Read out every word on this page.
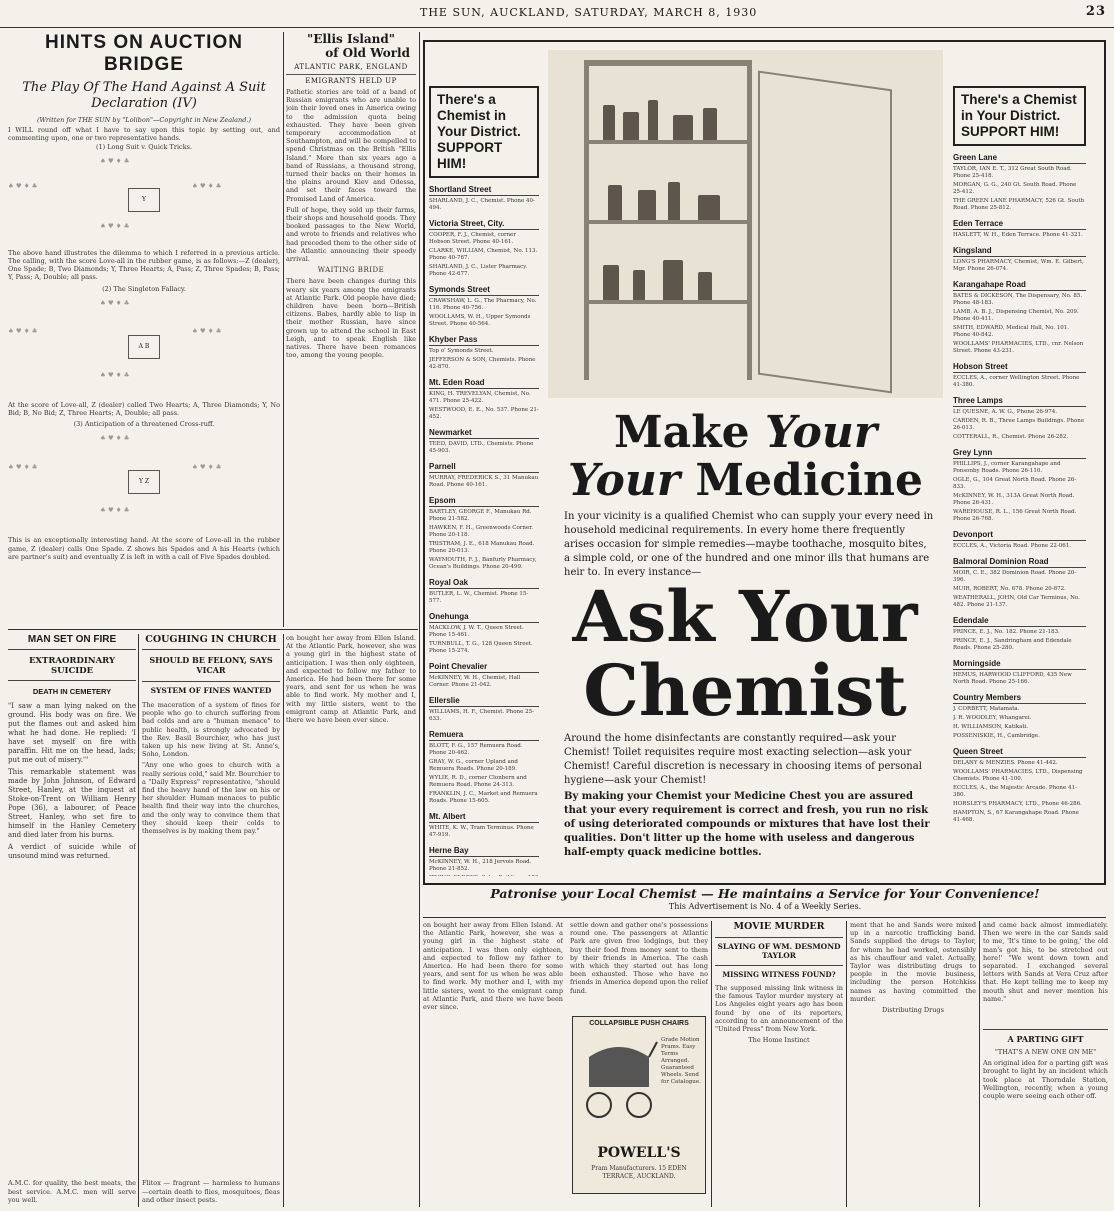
THE SUN, AUCKLAND, SATURDAY, MARCH 8, 1930	23
HINTS ON AUCTION BRIDGE
The Play Of The Hand Against A Suit Declaration (IV)
(Written for THE SUN by "Lolibon"—Copyright in New Zealand.)
I WILL round off what I have to say upon this topic by setting out, and commenting upon, one or two representative hands.
(1) Long Suit v. Quick Tricks.
♠ ♥ ♦ ♣
♠ ♥ ♦ ♣
Y
♠ ♥ ♦ ♣
♠ ♥ ♦ ♣
The above hand illustrates the dilemma to which I referred in a previous article. The calling, with the score Love-all in the rubber game, is as follows:—Z (dealer), One Spade; B, Two Diamonds; Y, Three Hearts; A, Pass; Z, Three Spades; B, Pass; Y, Pass; A, Double; all pass.
(2) The Singleton Fallacy.
♠ ♥ ♦ ♣
♠ ♥ ♦ ♣
A B
♠ ♥ ♦ ♣
♠ ♥ ♦ ♣
At the score of Love-all, Z (dealer) called Two Hearts; A, Three Diamonds; Y, No Bid; B, No Bid; Z, Three Hearts; A, Double; all pass.
(3) Anticipation of a threatened Cross-ruff.
♠ ♥ ♦ ♣
♠ ♥ ♦ ♣
Y Z
♠ ♥ ♦ ♣
♠ ♥ ♦ ♣
This is an exceptionally interesting hand. At the score of Love-all in the rubber game, Z (dealer) calls One Spade. Z shows his Spades and A his Hearts (which are partner's suit) and eventually Z is left in with a call of Five Spades doubled.
"Ellis Island"
of Old World
ATLANTIC PARK, ENGLAND
EMIGRANTS HELD UP

Pathetic stories are told of a band of Russian emigrants who are unable to join their loved ones in America owing to the admission quota being exhausted. They have been given temporary accommodation at Southampton, and will be compelled to spend Christmas on the British "Ellis Island." More than six years ago a band of Russians, a thousand strong, turned their backs on their homes in the plains around Kiev and Odessa, and set their faces toward the Promised Land of America.

Full of hope, they sold up their farms, their shops and household goods. They booked passages to the New World, and wrote to friends and relatives who had preceded them to the other side of the Atlantic announcing their speedy arrival.

WAITING BRIDE

There have been changes during this weary six years among the emigrants at Atlantic Park. Old people have died; children have been born—British citizens. Babes, hardly able to lisp in their mother Russian, have since grown up to attend the school in East Leigh, and to speak English like natives. There have been romances too, among the young people.

MAN SET ON FIRE
EXTRAORDINARY SUICIDE
DEATH IN CEMETERY

"I saw a man lying naked on the ground. His body was on fire. We put the flames out and asked him what he had done. He replied: 'I have set myself on fire with paraffin. Hit me on the head, lads; put me out of misery.'"

This remarkable statement was made by John Johnson, of Edward Street, Hanley, at the inquest at Stoke-on-Trent on William Henry Pope (36), a labourer, of Peace Street, Hanley, who set fire to himself in the Hanley Cemetery and died later from his burns.

A verdict of suicide while of unsound mind was returned.

A.M.C. for quality, the best meats, the best service. A.M.C. men will serve you well.
COUGHING IN CHURCH
SHOULD BE FELONY, SAYS VICAR
SYSTEM OF FINES WANTED

The maceration of a system of fines for people who go to church suffering from bad colds and are a "human menace" to public health, is strongly advocated by the Rev. Basil Bourchier, who has just taken up his new living at St. Anne's, Soho, London.

"Any one who goes to church with a really serious cold," said Mr. Bourchier to a "Daily Express" representative, "should find the heavy hand of the law on his or her shoulder. Human menaces to public health find their way into the churches, and the only way to convince them that they should keep their colds to themselves is by making them pay."

Flitox — fragrant — harmless to humans—certain death to flies, mosquitoes, fleas and other insect pests.
on bought her away from Ellen Island. At the Atlantic Park, however, she was a young girl in the highest state of anticipation. I was then only eighteen, and expected to follow my father to America. He had been there for some years, and sent for us when he was able to find work. My mother and I, with my little sisters, went to the emigrant camp at Atlantic Park, and there we have been ever since.
There's a Chemist in Your District. SUPPORT HIM!
Shortland Street
SHARLAND, J. C., Chemist. Phone 40-494.
Victoria Street, City.
COOPER, F. J., Chemist, corner Hobson Street. Phone 40-161.
CLARKE, WILLIAM, Chemist, No. 113. Phone 40-767.
SHARLAND, J. C., Lister Pharmacy. Phone 42-677.
Symonds Street
CRAWSHAW, L. G., The Pharmacy, No. 116. Phone 40-756.
WOOLLAMS, W. H., Upper Symonds Street. Phone 40-564.
Khyber Pass
Top o' Symonds Street.
JEFFERSON & SON, Chemists. Phone 42-870.
Mt. Eden Road
KING, H. TREVELYAN, Chemist, No. 471. Phone 25-422.
WESTWOOD, E. E., No. 537. Phone 21-452.
Newmarket
TEED, DAVID, LTD., Chemists. Phone 45-903.
Parnell
MURRAY, FREDERICK S., 31 Manukau Road. Phone 40-161.
Epsom
BARTLEY, GEORGE F., Manukau Rd. Phone 21-582.
HAWKEN, F. H., Greenwoods Corner. Phone 20-118.
TRISTRAM, J. E., 618 Manukau Road. Phone 20-013.
WAYMOUTH, F. J., Banfurly Pharmacy, Ocean's Buildings. Phone 20-499.
Royal Oak
BUTLER, L. W., Chemist. Phone 15-577.
Onehunga
MACKLOW, J. W. T., Queen Street. Phone 15-461.
TURNBULL, T. G., 128 Queen Street. Phone 15-274.
Point Chevalier
McKINNEY, W. H., Chemist, Hall Corner. Phone 21-042.
Ellerslie
WILLIAMS, H. F., Chemist. Phone 25-633.
Remuera
BLOTT, F. G., 157 Remuera Road. Phone 20-462.
GRAY, W. G., corner Upland and Remuera Roads. Phone 20-189.
WYLIE, R. D., corner Clonbern and Remuera Road. Phone 24-313.
FRANKLIN, J. C., Market and Remuera Roads. Phone 15-605.
Mt. Albert
WHITE, K. W., Tram Terminus. Phone 47-919.
Herne Bay
McKINNEY, W. H., 218 Jervois Road. Phone 21-852.
There's a Chemist in Your District. SUPPORT HIM!
Green Lane
TAYLOR, IAN E. T., 312 Great South Road. Phone 25-418.
MORGAN, G. G., 240 Gt. South Road. Phone 25-412.
THE GREEN LANE PHARMACY, 526 Gt. South Road. Phone 25-812.
Eden Terrace
HASLETT, W. H., Eden Terrace. Phone 41-321.
Kingsland
LONG'S PHARMACY, Chemist, Wm. E. Gilbert, Mgr. Phone 26-074.
Karangahape Road
BATES & DICKESON, The Dispensary, No. 85. Phone 48-183.
LAMB, A. B. J., Dispensing Chemist, No. 209. Phone 40-411.
SMITH, EDWARD, Medical Hall, No. 101. Phone 40-842.
WOOLLAMS' PHARMACIES, LTD., cnr. Nelson Street. Phone 43-231.
Hobson Street
ECCLES, A., corner Wellington Street. Phone 41-380.
Three Lamps
LE QUESNE, A. W. G., Phone 26-974.
CARDEN, R. B., Three Lamps Buildings. Phone 26-013.
COTTERALL, R., Chemist. Phone 26-282.
Grey Lynn
PHILLIPS, J., corner Karangahape and Ponsonby Roads. Phone 26-110.
OGLE, G., 104 Great North Road. Phone 26-833.
McKINNEY, W. H., 313A Great North Road. Phone 26-431.
WAREHOUSE, R. L., 156 Great North Road. Phone 26-768.
Devonport
ECCLES, A., Victoria Road. Phone 22-061.
Balmoral Dominion Road
MOIR, C. E., 382 Dominion Road. Phone 20-396.
MUIR, ROBERT, No. 678. Phone 20-872.
WEATHERALL, JOHN, Old Car Terminus, No. 482. Phone 21-137.
Edendale
PRINCE, E. J., No. 182. Phone 21-183.
PRINCE, E. J., Sandringham and Edendale Roads. Phone 25-280.
Morningside
HEMUS, HARWOOD CLIFFORD, 435 New North Road. Phone 25-166.
Country Members
J. CORBETT, Matamata.
J. R. WOODLEY, Whangarei.
H. WILLIAMSON, Katikati.
POSSENISKIE, H., Cambridge.
Queen Street
DELANY & MENZIES. Phone 41-442.
WOOLLAMS' PHARMACIES, LTD., Dispensing Chemists. Phone 41-100.
ECCLES, A., the Majestic Arcade. Phone 41-380.
HORSLEY'S PHARMACY, LTD., Phone 46-286.
HAMPTON, S., 67 Karangahape Road. Phone 41-468.
Make Your
Your Medicine
In your vicinity is a qualified Chemist who can supply your every need in household medicinal requirements. In every home there frequently arises occasion for simple remedies—maybe toothache, mosquito bites, a simple cold, or one of the hundred and one minor ills that humans are heir to. In every instance—
Ask Your Chemist
Around the home disinfectants are constantly required—ask your Chemist! Toilet requisites require most exacting selection—ask your Chemist! Careful discretion is necessary in choosing items of personal hygiene—ask your Chemist!
By making your Chemist your Medicine Chest you are assured that your every requirement is correct and fresh, you run no risk of using deteriorated compounds or mixtures that have lost their qualities. Don't litter up the home with useless and dangerous half-empty quack medicine bottles.
Patronise your Local Chemist — He maintains a Service for Your Convenience!
This Advertisement is No. 4 of a Weekly Series.
on bought her away from Ellen Island. At the Atlantic Park, however, she was a young girl in the highest state of anticipation. I was then only eighteen, and expected to follow my father to America. He had been there for some years, and sent for us when he was able to find work. My mother and I, with my little sisters, went to the emigrant camp at Atlantic Park, and there we have been ever since.
settle down and gather one's possessions round one. The passengers at Atlantic Park are given free lodgings, but they buy their food from money sent to them by their friends in America. The cash with which they started out has long been exhausted. Those who have no friends in America depend upon the relief fund.
COLLAPSIBLE PUSH CHAIRS
Grade Motion Prams. Easy Terms Arranged. Guaranteed Wheels. Send for Catalogue.
POWELL'S
Pram Manufacturers. 15 EDEN TERRACE, AUCKLAND.
MOVIE MURDER
SLAYING OF WM. DESMOND TAYLOR
MISSING WITNESS FOUND?
The supposed missing link witness in the famous Taylor murder mystery at Los Angeles eight years ago has been found by one of its reporters, according to an announcement of the "United Press" from New York.
The Home Instinct
ment that he and Sands were mixed up in a narcotic trafficking band. Sands supplied the drugs to Taylor, for whom he had worked, ostensibly as his chauffeur and valet. Actually, Taylor was distributing drugs to people in the movie business, including the person Hotchkiss names as having committed the murder.
Distributing Drugs
and came back almost immediately. Then we were in the car Sands said to me, 'It's time to be going,' the old man's got his, to be stretched out here!' "We went down town and separated. I exchanged several letters with Sands at Vera Cruz after that. He kept telling me to keep my mouth shut and never mention his name."
A PARTING GIFT
"THAT'S A NEW ONE ON ME"
An original idea for a parting gift was brought to light by an incident which took place at Thorndale Station, Wellington, recently, when a young couple were seeing each other off.
